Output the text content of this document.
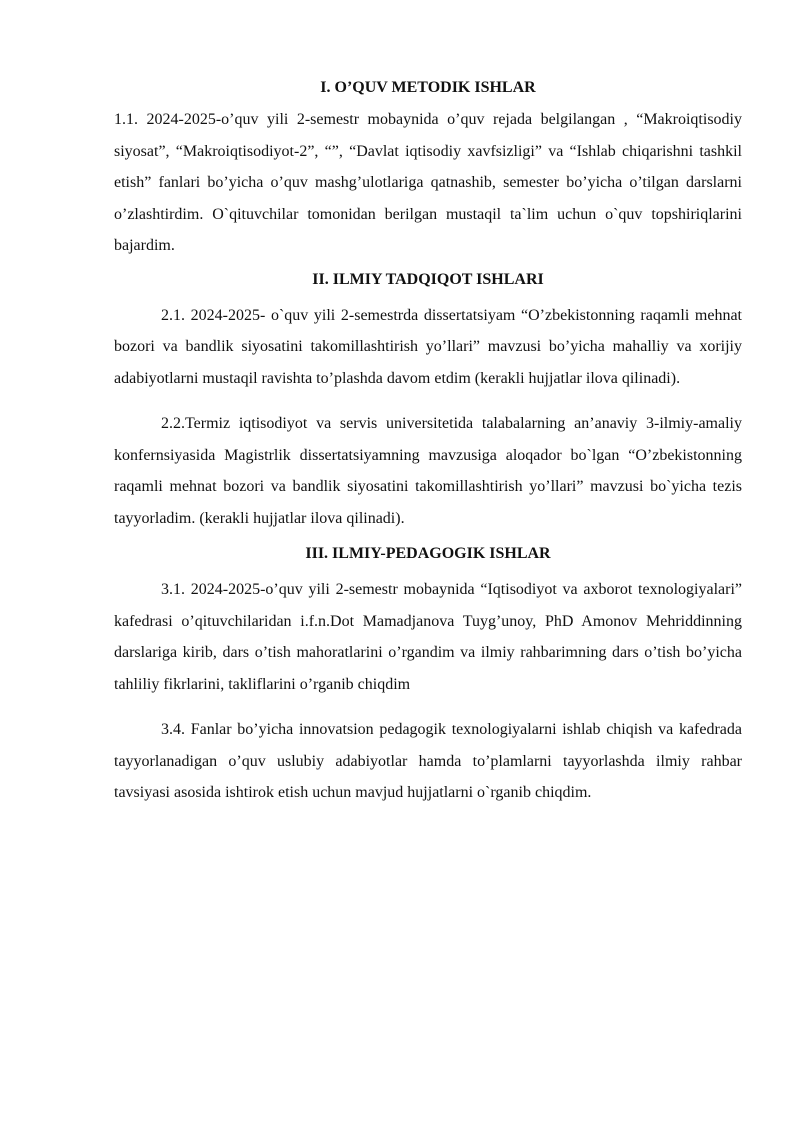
I. O’QUV METODIK ISHLAR

1.1. 2024-2025-o’quv yili 2-semestr mobaynida o’quv rejada belgilangan , “Makroiqtisodiy siyosat”, “Makroiqtisodiyot-2”, “”, “Davlat iqtisodiy xavfsizligi” va “Ishlab chiqarishni tashkil etish” fanlari bo’yicha o’quv mashg’ulotlariga qatnashib, semester bo’yicha o’tilgan darslarni o’zlashtirdim. O`qituvchilar tomonidan berilgan mustaqil ta`lim uchun o`quv topshiriqlarini bajardim.

II. ILMIY TADQIQOT ISHLARI

2.1. 2024-2025- o`quv yili 2-semestrda dissertatsiyam “O’zbekistonning raqamli mehnat bozori va bandlik siyosatini takomillashtirish yo’llari” mavzusi bo’yicha mahalliy va xorijiy adabiyotlarni mustaqil ravishta to’plashda davom etdim (kerakli hujjatlar ilova qilinadi).

2.2.Termiz iqtisodiyot va servis universitetida talabalarning an’anaviy 3-ilmiy-amaliy konfernsiyasida Magistrlik dissertatsiyamning mavzusiga aloqador bo`lgan “O’zbekistonning raqamli mehnat bozori va bandlik siyosatini takomillashtirish yo’llari” mavzusi bo`yicha tezis tayyorladim. (kerakli hujjatlar ilova qilinadi).

III. ILMIY-PEDAGOGIK ISHLAR

3.1. 2024-2025-o’quv yili 2-semestr mobaynida “Iqtisodiyot va axborot texnologiyalari” kafedrasi o’qituvchilaridan i.f.n.Dot Mamadjanova Tuyg’unoy, PhD Amonov Mehriddinning darslariga kirib, dars o’tish mahoratlarini o’rgandim va ilmiy rahbarimning dars o’tish bo’yicha tahliliy fikrlarini, takliflarini o’rganib chiqdim

3.4. Fanlar bo’yicha innovatsion pedagogik texnologiyalarni ishlab chiqish va kafedrada tayyorlanadigan o’quv uslubiy adabiyotlar hamda to’plamlarni tayyorlashda ilmiy rahbar tavsiyasi asosida ishtirok etish uchun mavjud hujjatlarni o`rganib chiqdim.
